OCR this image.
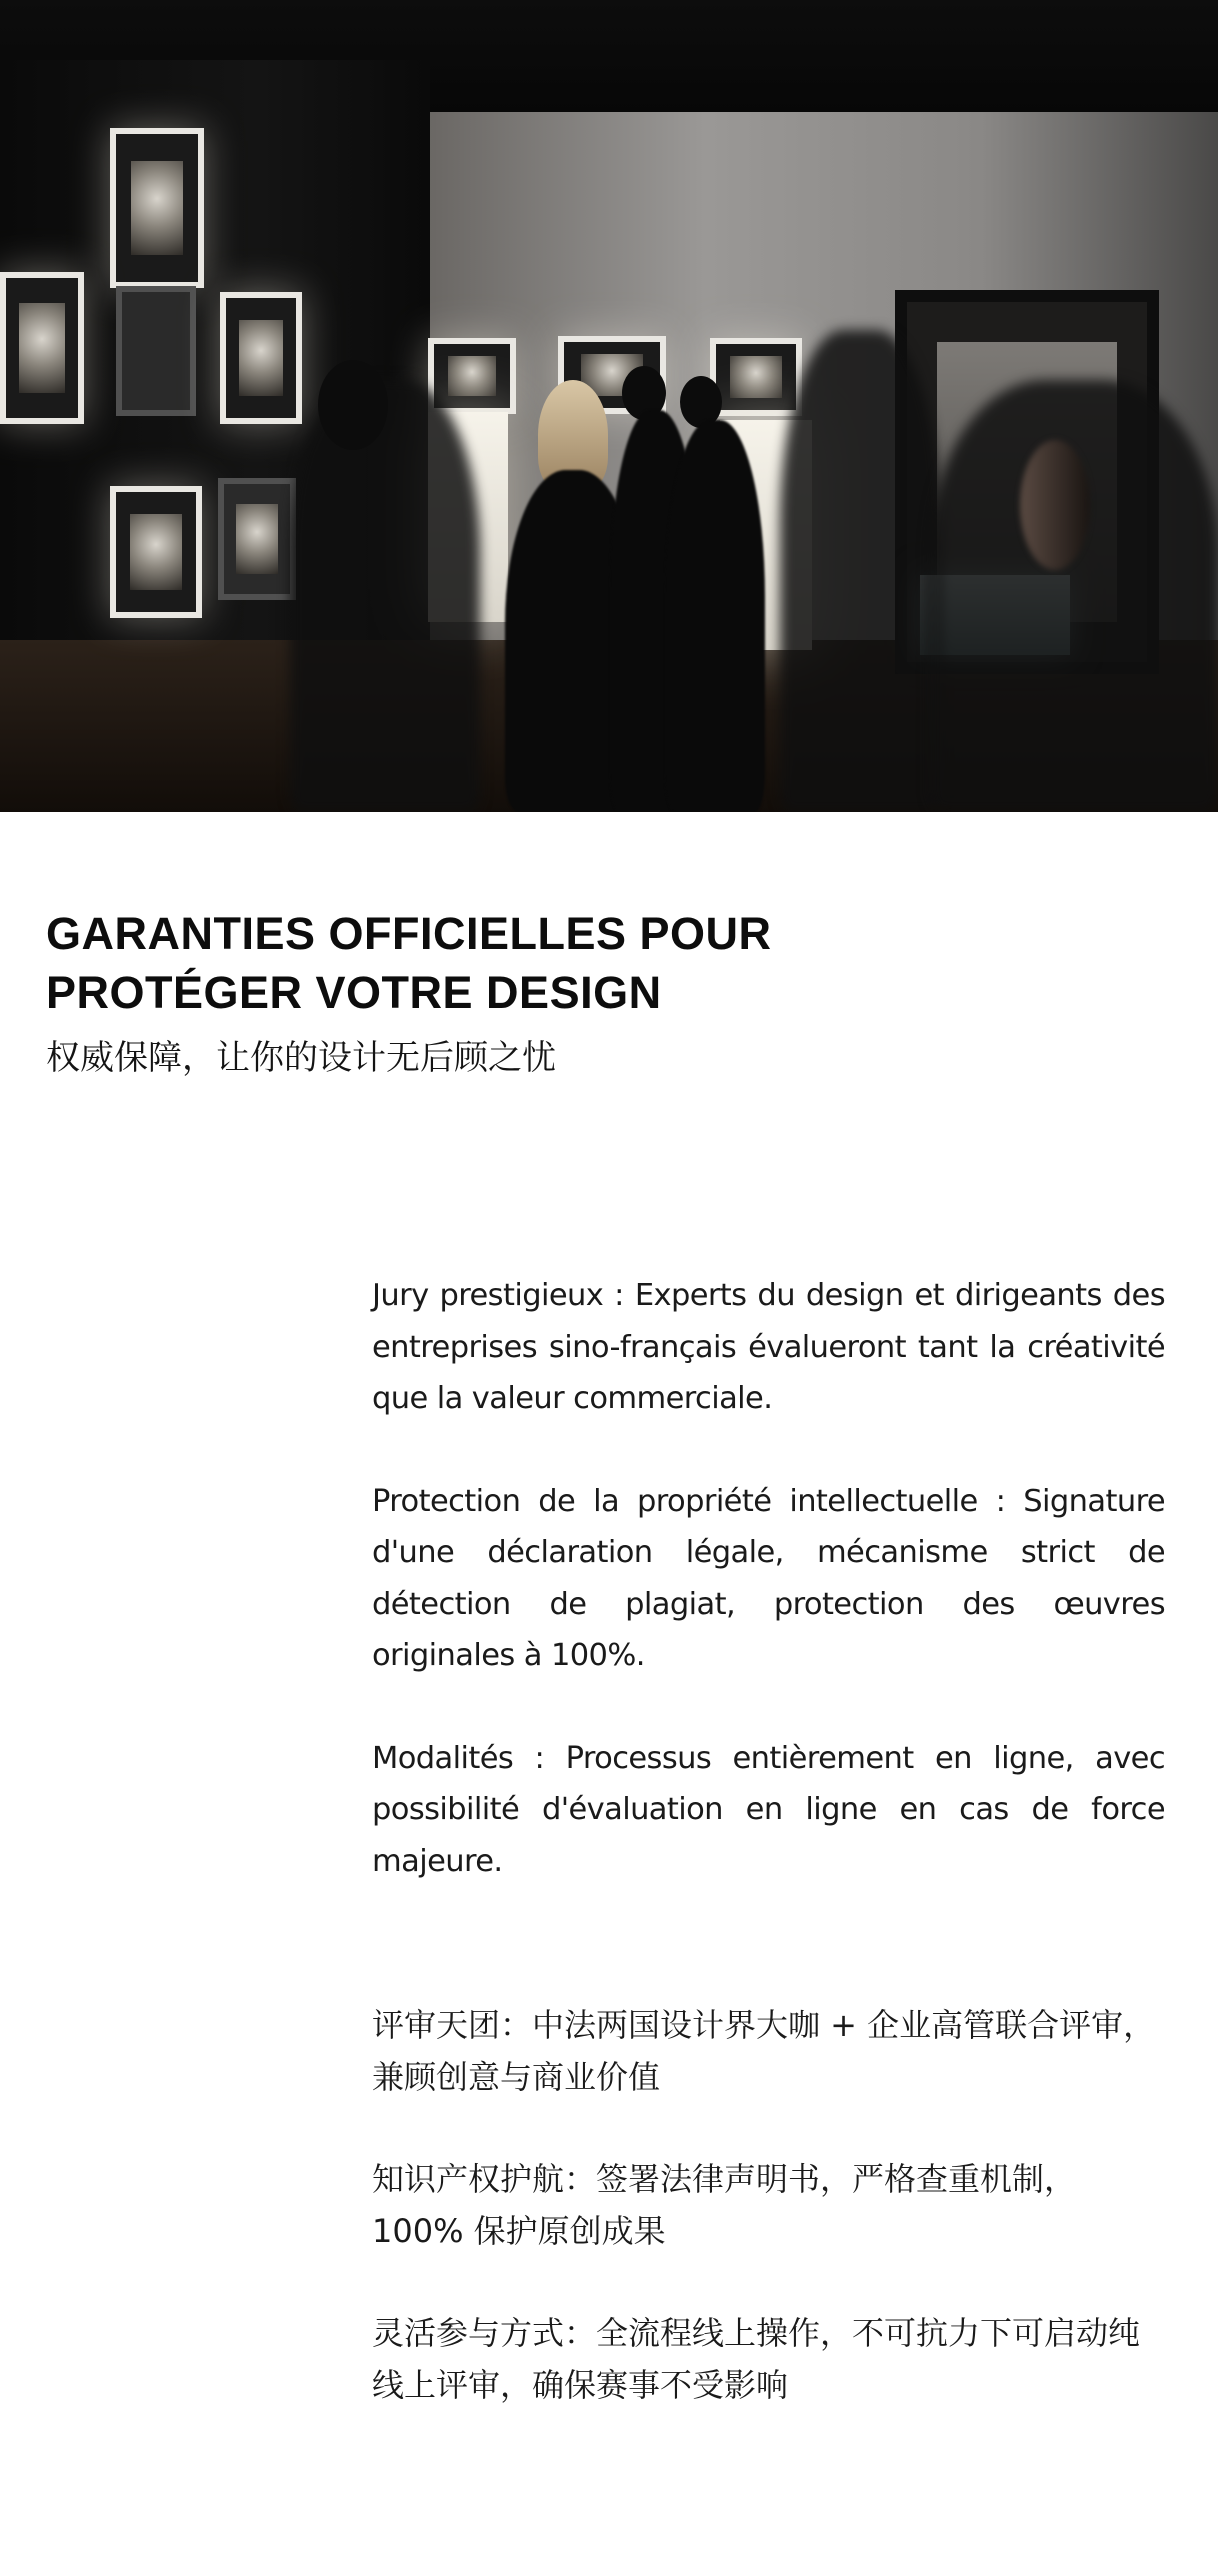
GARANTIES OFFICIELLES POUR
PROTÉGER VOTRE DESIGN

权威保障，让你的设计无后顾之忧

Jury prestigieux : Experts du design et dirigeants des entreprises sino-français évalueront tant la créativité que la valeur commerciale.

Protection de la propriété intellectuelle : Signature d'une déclaration légale, mécanisme strict de détection de plagiat, protection des œuvres originales à 100%.

Modalités : Processus entièrement en ligne, avec possibilité d'évaluation en ligne en cas de force majeure.

评审天团：中法两国设计界大咖 + 企业高管联合评审，兼顾创意与商业价值

知识产权护航：签署法律声明书，严格查重机制，100% 保护原创成果

灵活参与方式：全流程线上操作，不可抗力下可启动纯线上评审，确保赛事不受影响
